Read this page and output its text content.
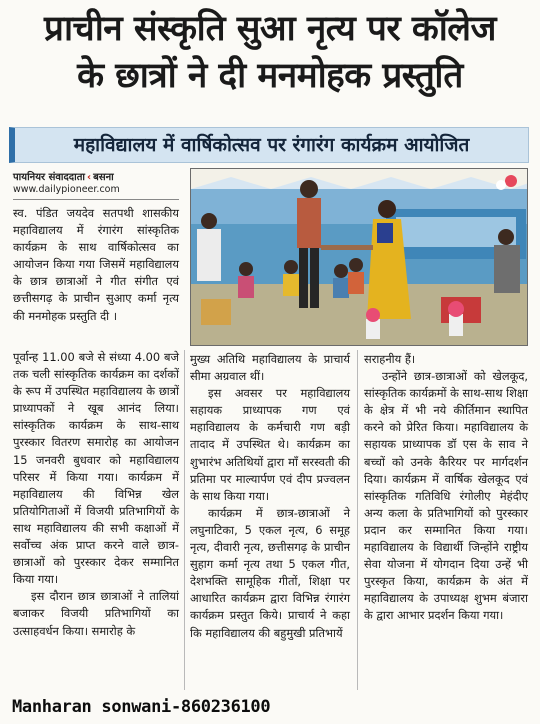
प्राचीन संस्कृति सुआ नृत्य पर कॉलेज
के छात्रों ने दी मनमोहक प्रस्तुति
महाविद्यालय में वार्षिकोत्सव पर रंगारंग कार्यक्रम आयोजित
पायनियर संवाददाता ‹ बसना
www.dailypioneer.com

स्व. पंडित जयदेव सतपथी शासकीय महाविद्यालय में रंगारंग सांस्कृतिक कार्यक्रम के साथ वार्षिकोत्सव का आयोजन किया गया जिसमें महाविद्यालय के छात्र छात्राओं ने गीत संगीत एवं छत्तीसगढ़ के प्राचीन सुआए कर्मा नृत्य की मनमोहक प्रस्तुति दी ।

पूर्वान्ह 11.00 बजे से संध्या 4.00 बजे तक चली सांस्कृतिक कार्यक्रम का दर्शकों के रूप में उपस्थित महाविद्यालय के छात्रों प्राध्यापकों ने खूब आनंद लिया। सांस्कृतिक कार्यक्रम के साथ-साथ पुरस्कार वितरण समारोह का आयोजन 15 जनवरी बुधवार को महाविद्यालय परिसर में किया गया। कार्यक्रम में महाविद्यालय की विभिन्न खेल प्रतियोगिताओं में विजयी प्रतिभागियों के साथ महाविद्यालय की सभी कक्षाओं में सर्वोच्च अंक प्राप्त करने वाले छात्र-छात्राओं को पुरस्कार देकर सम्मानित किया गया।

इस दौरान छात्र छात्राओं ने तालियां बजाकर विजयी प्रतिभागियों का उत्साहवर्धन किया। समारोह के

मुख्य अतिथि महाविद्यालय के प्राचार्य सीमा अग्रवाल थीं।

इस अवसर पर महाविद्यालय सहायक प्राध्यापक गण एवं महाविद्यालय के कर्मचारी गण बड़ी तादाद में उपस्थित थे। कार्यक्रम का शुभारंभ अतिथियों द्वारा माँ सरस्वती की प्रतिमा पर माल्यार्पण एवं दीप प्रज्वलन के साथ किया गया।

कार्यक्रम में छात्र-छात्राओं ने लघुनाटिका, 5 एकल नृत्य, 6 समूह नृत्य, दीवारी नृत्य, छत्तीसगढ़ के प्राचीन सुहाग कर्मा नृत्य तथा 5 एकल गीत, देशभक्ति सामूहिक गीतों, शिक्षा पर आधारित कार्यक्रम द्वारा विभिन्न रंगारंग कार्यक्रम प्रस्तुत किये। प्राचार्य ने कहा कि महाविद्यालय की बहुमुखी प्रतिभायें

सराहनीय हैं।

उन्होंने छात्र-छात्राओं को खेलकूद, सांस्कृतिक कार्यक्रमों के साथ-साथ शिक्षा के क्षेत्र में भी नये कीर्तिमान स्थापित करने को प्रेरित किया। महाविद्यालय के सहायक प्राध्यापक डॉ एस के साव ने बच्चों को उनके कैरियर पर मार्गदर्शन दिया। कार्यक्रम में वार्षिक खेलकूद एवं सांस्कृतिक गतिविधि रंगोलीए मेहंदीए अन्य कला के प्रतिभागियों को पुरस्कार प्रदान कर सम्मानित किया गया। महाविद्यालय के विद्यार्थी जिन्होंने राष्ट्रीय सेवा योजना में योगदान दिया उन्हें भी पुरस्कृत किया, कार्यक्रम के अंत में महाविद्यालय के उपाध्यक्ष शुभम बंजारा के द्वारा आभार प्रदर्शन किया गया।

Manharan sonwani-860236100
